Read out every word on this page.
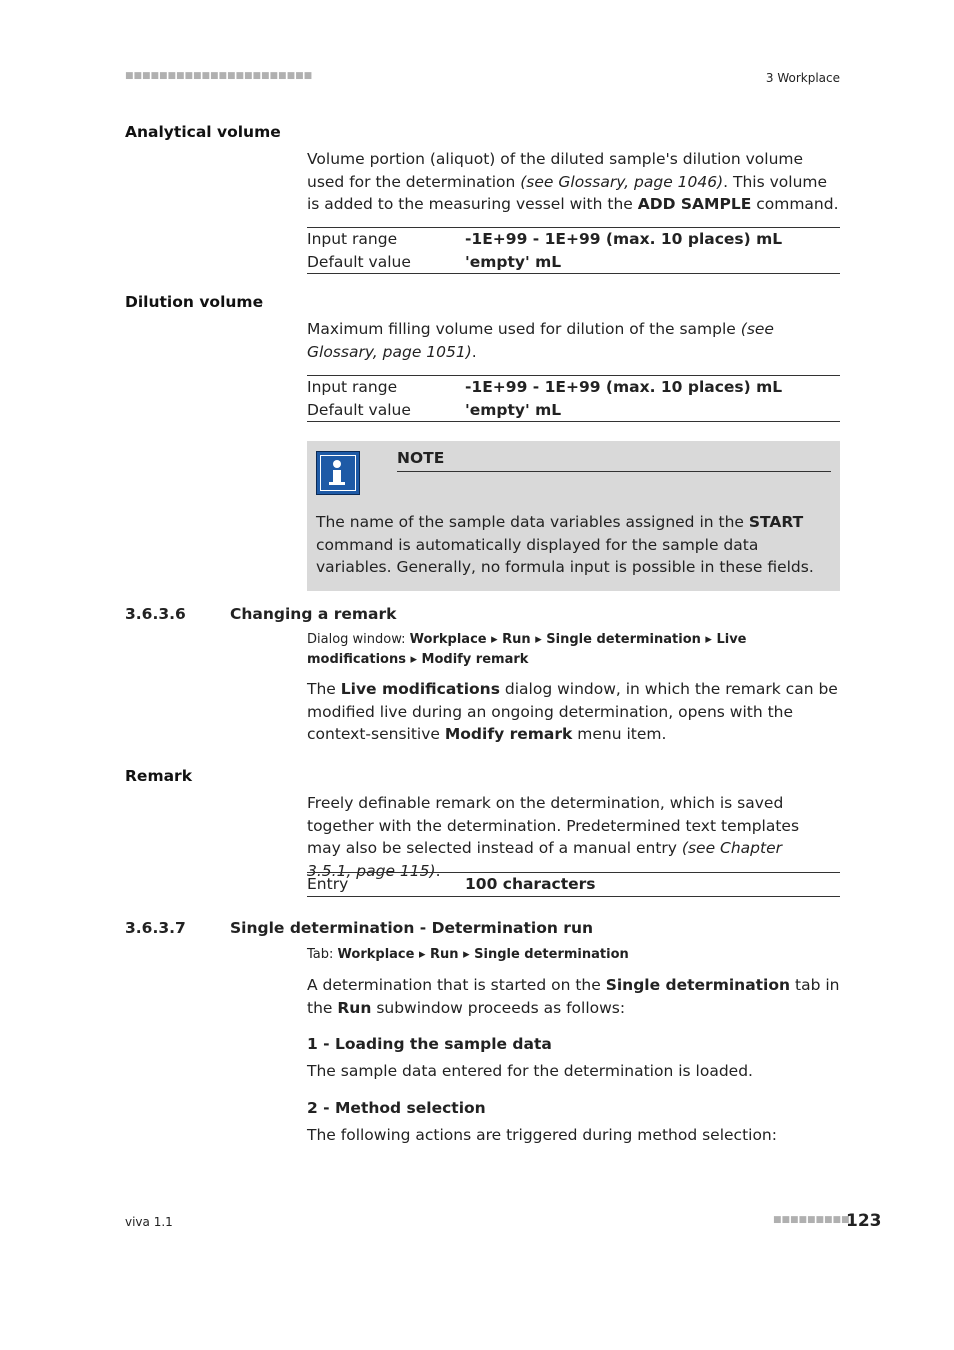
■■■■■■■■■■■■■■■■■■■■■■	3 Workplace
Analytical volume
Volume portion (aliquot) of the diluted sample's dilution volume used for the determination (see Glossary, page 1046). This volume is added to the measuring vessel with the ADD SAMPLE command.
Input range	-1E+99 - 1E+99 (max. 10 places) mL
Default value	'empty' mL
Dilution volume
Maximum filling volume used for dilution of the sample (see Glossary, page 1051).
Input range	-1E+99 - 1E+99 (max. 10 places) mL
Default value	'empty' mL
NOTE
The name of the sample data variables assigned in the START command is automatically displayed for the sample data variables. Generally, no formula input is possible in these fields.
3.6.3.6	Changing a remark
Dialog window: Workplace ▸ Run ▸ Single determination ▸ Live modifications ▸ Modify remark
The Live modifications dialog window, in which the remark can be modified live during an ongoing determination, opens with the context-sensitive Modify remark menu item.
Remark
Freely definable remark on the determination, which is saved together with the determination. Predetermined text templates may also be selected instead of a manual entry (see Chapter 3.5.1, page 115).
Entry	100 characters
3.6.3.7	Single determination - Determination run
Tab: Workplace ▸ Run ▸ Single determination
A determination that is started on the Single determination tab in the Run subwindow proceeds as follows:
1 - Loading the sample data
The sample data entered for the determination is loaded.
2 - Method selection
The following actions are triggered during method selection:
viva 1.1	■■■■■■■■■
123
